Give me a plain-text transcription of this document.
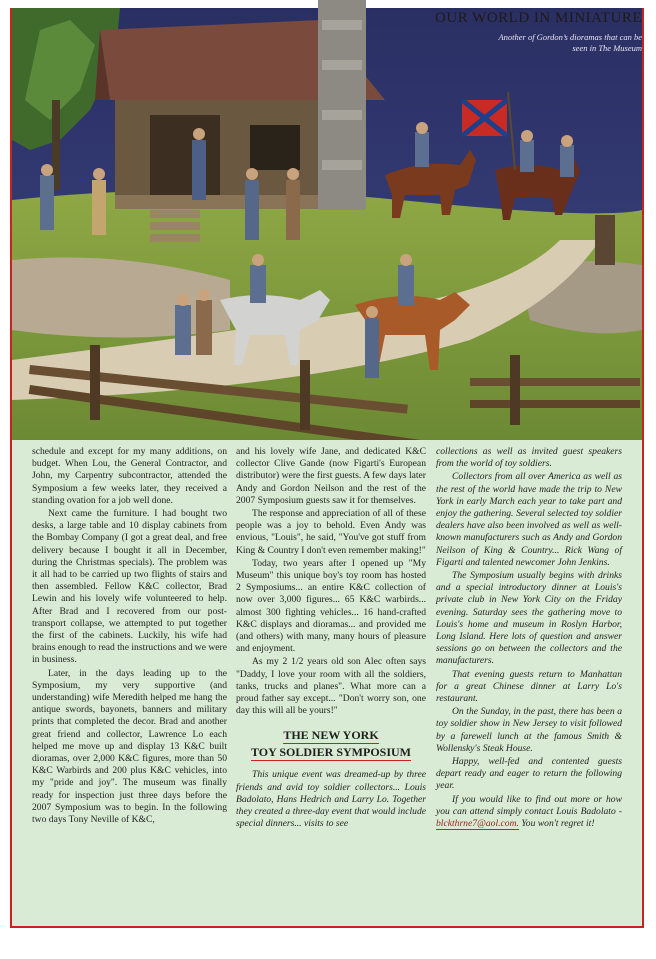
OUR WORLD IN MINIATURE
Another of Gordon’s dioramas that can be seen in The Museum

schedule and except for my many additions, on budget. When Lou, the General Contractor, and John, my Carpentry subcontractor, attended the Symposium a few weeks later, they received a standing ovation for a job well done.

Next came the furniture. I had bought two desks, a large table and 10 display cabinets from the Bombay Company (I got a great deal, and free delivery because I bought it all in December, during the Christmas specials). The problem was it all had to be carried up two flights of stairs and then assembled. Fellow K&C collector, Brad Lewin and his lovely wife volunteered to help. After Brad and I recovered from our post-transport collapse, we attempted to put together the first of the cabinets. Luckily, his wife had brains enough to read the instructions and we were in business.

Later, in the days leading up to the Symposium, my very supportive (and understanding) wife Meredith helped me hang the antique swords, bayonets, banners and military prints that completed the decor. Brad and another great friend and collector, Lawrence Lo each helped me move up and display 13 K&C built dioramas, over 2,000 K&C figures, more than 50 K&C Warbirds and 200 plus K&C vehicles, into my "pride and joy". The museum was finally ready for inspection just three days before the 2007 Symposium was to begin. In the following two days Tony Neville of K&C,

and his lovely wife Jane, and dedicated K&C collector Clive Gande (now Figarti's European distributor) were the first guests. A few days later Andy and Gordon Neilson and the rest of the 2007 Symposium guests saw it for themselves.

The response and appreciation of all of these people was a joy to behold. Even Andy was envious, "Louis", he said, "You've got stuff from King & Country I don't even remember making!"

Today, two years after I opened up "My Museum" this unique boy's toy room has hosted 2 Symposiums... an entire K&C collection of now over 3,000 figures... 65 K&C warbirds... almost 300 fighting vehicles... 16 hand-crafted K&C displays and dioramas... and provided me (and others) with many, many hours of pleasure and enjoyment.

As my 2 1/2 years old son Alec often says "Daddy, I love your room with all the soldiers, tanks, trucks and planes". What more can a proud father say except... "Don't worry son, one day this will all be yours!"

THE NEW YORK
TOY SOLDIER SYMPOSIUM

This unique event was dreamed-up by three friends and avid toy soldier collectors... Louis Badolato, Hans Hedrich and Larry Lo. Together they created a three-day event that would include special dinners... visits to see

collections as well as invited guest speakers from the world of toy soldiers.

Collectors from all over America as well as the rest of the world have made the trip to New York in early March each year to take part and enjoy the gathering. Several selected toy soldier dealers have also been involved as well as well-known manufacturers such as Andy and Gordon Neilson of King & Country... Rick Wang of Figarti and talented newcomer John Jenkins.

The Symposium usually begins with drinks and a special introductory dinner at Louis's private club in New York City on the Friday evening. Saturday sees the gathering move to Louis's home and museum in Roslyn Harbor, Long Island. Here lots of question and answer sessions go on between the collectors and the manufacturers.

That evening guests return to Manhattan for a great Chinese dinner at Larry Lo's restaurant.

On the Sunday, in the past, there has been a toy soldier show in New Jersey to visit followed by a farewell lunch at the famous Smith & Wollensky's Steak House.

Happy, well-fed and contented guests depart ready and eager to return the following year.

If you would like to find out more or how you can attend simply contact Louis Badolato - blckthrne7@aol.com. You won't regret it!
